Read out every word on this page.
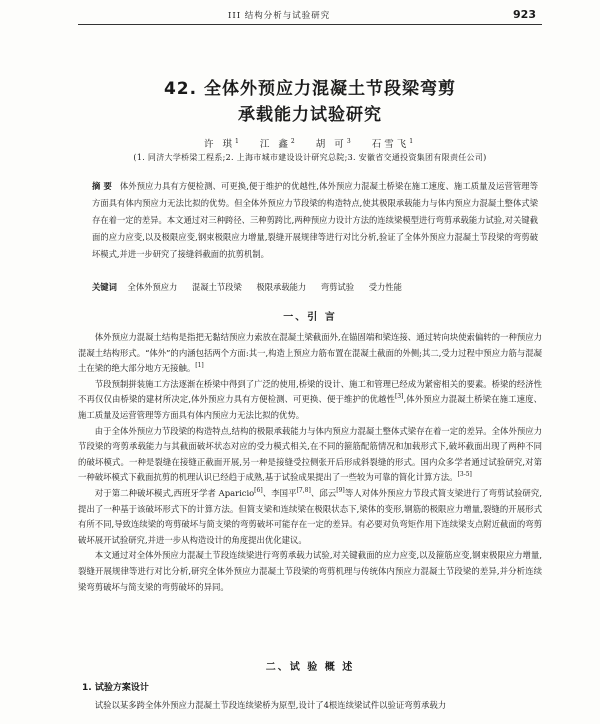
III 结构分析与试验研究	923
42. 全体外预应力混凝土节段梁弯剪
承载能力试验研究
许 琪$^1$ 江 鑫$^2$ 胡 可$^3$ 石雪飞$^1$
(1. 同济大学桥梁工程系;2. 上海市城市建设设计研究总院;3. 安徽省交通投资集团有限责任公司)
摘 要 体外预应力具有方便检测、可更换,便于维护的优越性,体外预应力混凝土桥梁在施工速度、施工质量及运营管理等方面具有体内预应力无法比拟的优势。但全体外预应力节段梁的构造特点,使其极限承载能力与体内预应力混凝土整体式梁存在着一定的差异。本文通过对三种跨径、三种剪跨比,两种预应力设计方法的连续梁模型进行弯剪承载能力试验,对关键截面的应力应变,以及极限应变,钢束极限应力增量,裂缝开展规律等进行对比分析,验证了全体外预应力混凝土节段梁的弯剪破坏模式,并进一步研究了接缝斜截面的抗剪机制。
关键词 全体外预应力 混凝土节段梁 极限承载能力 弯剪试验 受力性能
一、引 言

体外预应力混凝土结构是指把无黏结预应力索放在混凝土梁截面外,在锚固端和梁连接、通过转向块使索偏转的一种预应力混凝土结构形式。“体外”的内涵包括两个方面:其一,构造上预应力筋布置在混凝土截面的外侧;其二,受力过程中预应力筋与混凝土在梁的绝大部分地方无接触。[1]

节段预制拼装施工方法逐渐在桥梁中得到了广泛的使用,桥梁的设计、施工和管理已经成为紧密相关的要素。桥梁的经济性不再仅仅由桥梁的建材所决定,体外预应力具有方便检测、可更换、便于维护的优越性[3],体外预应力混凝土桥梁在施工速度、施工质量及运营管理等方面具有体内预应力无法比拟的优势。

由于全体外预应力节段梁的构造特点,结构的极限承载能力与体内预应力混凝土整体式梁存在着一定的差异。全体外预应力节段梁的弯剪承载能力与其截面破坏状态对应的受力模式相关,在不同的箍筋配筋情况和加载形式下,破坏截面出现了两种不同的破坏模式。一种是裂缝在接缝正截面开展,另一种是接缝受拉侧张开后形成斜裂缝的形式。国内众多学者通过试验研究,对第一种破坏模式下截面抗剪的机理认识已经趋于成熟,基于试验成果提出了一些较为可靠的简化计算方法。[3-5]

对于第二种破坏模式,西班牙学者 Aparicio[6]、李国平[7,8]、邱云[9]等人对体外预应力节段式简支梁进行了弯剪试验研究,提出了一种基于该破坏形式下的计算方法。但简支梁和连续梁在极限状态下,梁体的变形,钢筋的极限应力增量,裂缝的开展形式有所不同,导致连续梁的弯剪破坏与简支梁的弯剪破坏可能存在一定的差异。有必要对负弯矩作用下连续梁支点附近截面的弯剪破坏展开试验研究,并进一步从构造设计的角度提出优化建议。

本文通过对全体外预应力混凝土节段连续梁进行弯剪承载力试验,对关键截面的应力应变,以及箍筋应变,钢束极限应力增量,裂缝开展规律等进行对比分析,研究全体外预应力混凝土节段梁的弯剪机理与传统体内预应力混凝土节段梁的差异,并分析连续梁弯剪破坏与简支梁的弯剪破坏的异同。

二、试 验 概 述
1. 试验方案设计
试验以某多跨全体外预应力混凝土节段连续梁桥为原型,设计了4根连续梁试件以验证弯剪承载力
